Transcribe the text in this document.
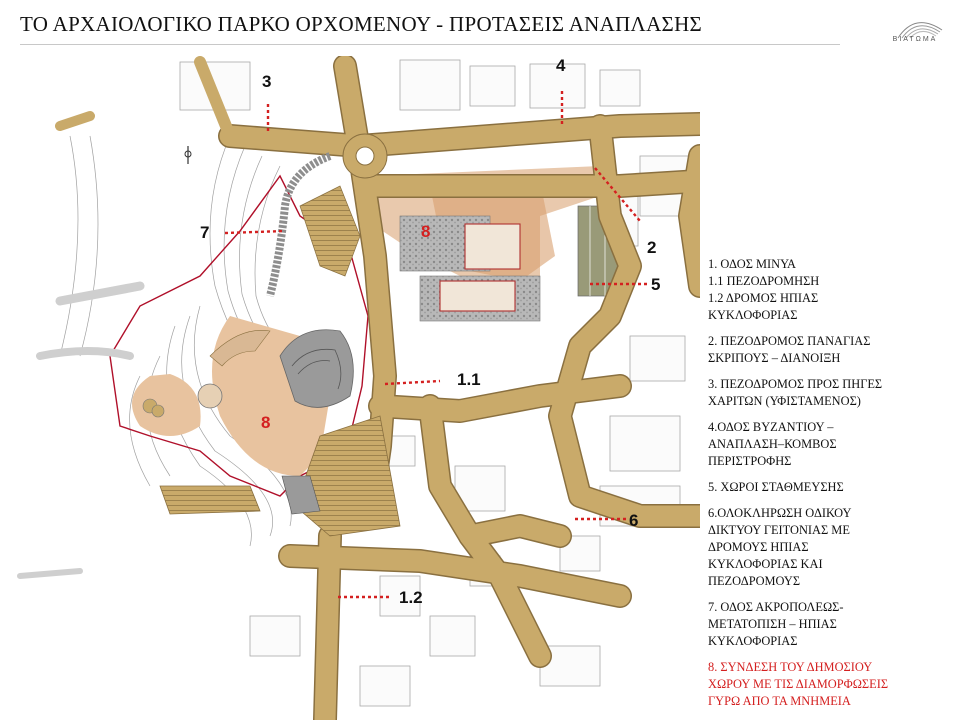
ΤΟ ΑΡΧΑΙΟΛΟΓΙΚΟ ΠΑΡΚΟ ΟΡΧΟΜΕΝΟΥ - ΠΡΟΤΑΣΕΙΣ ΑΝΑΠΛΑΣΗΣ
ΒΙΑΤΩΜΑ
3
4
7	8
2
5
1.1
8
6
1.2
1. ΟΔΟΣ ΜΙΝΥΑ
1.1 ΠΕΖΟΔΡΟΜΗΣΗ
1.2 ΔΡΟΜΟΣ ΗΠΙΑΣ
ΚΥΚΛΟΦΟΡΙΑΣ
2. ΠΕΖΟΔΡΟΜΟΣ ΠΑΝΑΓΙΑΣ
ΣΚΡΙΠΟΥΣ – ΔΙΑΝΟΙΞΗ
3. ΠΕΖΟΔΡΟΜΟΣ ΠΡΟΣ ΠΗΓΕΣ
ΧΑΡΙΤΩΝ (ΥΦΙΣΤΑΜΕΝΟΣ)
4.ΟΔΟΣ ΒΥΖΑΝΤΙΟΥ –
ΑΝΑΠΛΑΣΗ–ΚΟΜΒΟΣ
ΠΕΡΙΣΤΡΟΦΗΣ
5. ΧΩΡΟΙ ΣΤΑΘΜΕΥΣΗΣ
6.ΟΛΟΚΛΗΡΩΣΗ ΟΔΙΚΟΥ
ΔΙΚΤΥΟΥ ΓΕΙΤΟΝΙΑΣ ΜΕ
ΔΡΟΜΟΥΣ ΗΠΙΑΣ
ΚΥΚΛΟΦΟΡΙΑΣ ΚΑΙ
ΠΕΖΟΔΡΟΜΟΥΣ
7. ΟΔΟΣ ΑΚΡΟΠΟΛΕΩΣ-
ΜΕΤΑΤΟΠΙΣΗ – ΗΠΙΑΣ
ΚΥΚΛΟΦΟΡΙΑΣ
8. ΣΥΝΔΕΣΗ ΤΟΥ ΔΗΜΟΣΙΟΥ
ΧΩΡΟΥ ΜΕ ΤΙΣ ΔΙΑΜΟΡΦΩΣΕΙΣ
ΓΥΡΩ ΑΠΟ ΤΑ ΜΝΗΜΕΙΑ
